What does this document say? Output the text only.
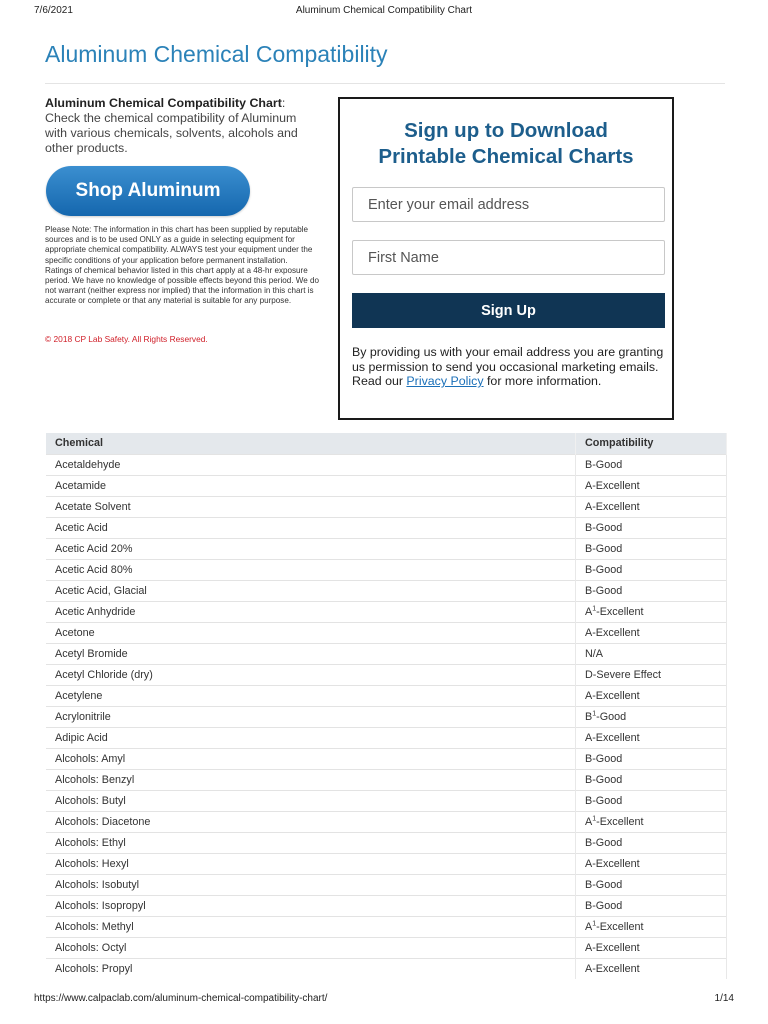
7/6/2021	Aluminum Chemical Compatibility Chart
Aluminum Chemical Compatibility
Aluminum Chemical Compatibility Chart: Check the chemical compatibility of Aluminum with various chemicals, solvents, alcohols and other products.
Shop Aluminum
Please Note: The information in this chart has been supplied by reputable sources and is to be used ONLY as a guide in selecting equipment for appropriate chemical compatibility. ALWAYS test your equipment under the specific conditions of your application before permanent installation.
Ratings of chemical behavior listed in this chart apply at a 48-hr exposure period. We have no knowledge of possible effects beyond this period. We do not warrant (neither express nor implied) that the information in this chart is accurate or complete or that any material is suitable for any purpose.
© 2018 CP Lab Safety. All Rights Reserved.
Sign up to Download
Printable Chemical Charts
Enter your email address
First Name
Sign Up
By providing us with your email address you are granting us permission to send you occasional marketing emails. Read our Privacy Policy for more information.
Chemical	Compatibility
Acetaldehyde	B-Good
Acetamide	A-Excellent
Acetate Solvent	A-Excellent
Acetic Acid	B-Good
Acetic Acid 20%	B-Good
Acetic Acid 80%	B-Good
Acetic Acid, Glacial	B-Good
Acetic Anhydride	$A^1$-Excellent
Acetone	A-Excellent
Acetyl Bromide	N/A
Acetyl Chloride (dry)	D-Severe Effect
Acetylene	A-Excellent
Acrylonitrile	$B^1$-Good
Adipic Acid	A-Excellent
Alcohols: Amyl	B-Good
Alcohols: Benzyl	B-Good
Alcohols: Butyl	B-Good
Alcohols: Diacetone	$A^1$-Excellent
Alcohols: Ethyl	B-Good
Alcohols: Hexyl	A-Excellent
Alcohols: Isobutyl	B-Good
Alcohols: Isopropyl	B-Good
Alcohols: Methyl	$A^1$-Excellent
Alcohols: Octyl	A-Excellent
Alcohols: Propyl	A-Excellent
https://www.calpaclab.com/aluminum-chemical-compatibility-chart/	1/14
